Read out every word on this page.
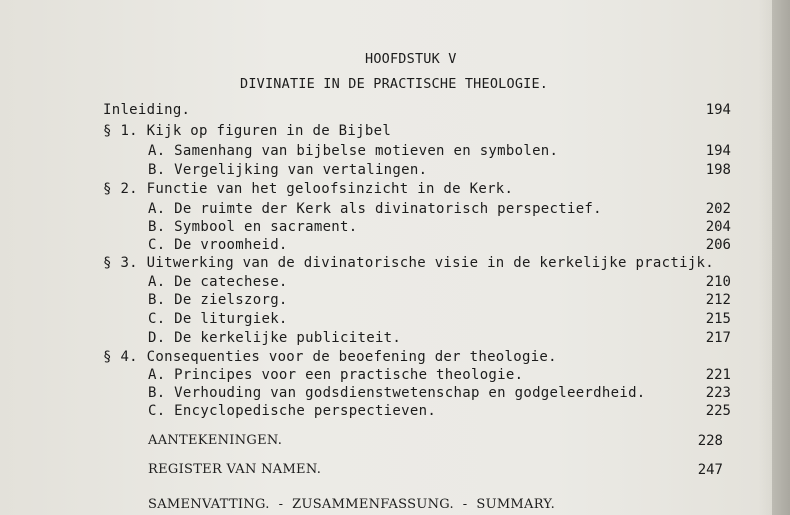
HOOFDSTUK V
DIVINATIE IN DE PRACTISCHE THEOLOGIE.
Inleiding.	194
§ 1. Kijk op figuren in de Bijbel
A. Samenhang van bijbelse motieven en symbolen.	194
B. Vergelijking van vertalingen.	198
§ 2. Functie van het geloofsinzicht in de Kerk.
A. De ruimte der Kerk als divinatorisch perspectief.	202
B. Symbool en sacrament.	204
C. De vroomheid.	206
§ 3. Uitwerking van de divinatorische visie in de kerkelijke practijk.
A. De catechese.	210
B. De zielszorg.	212
C. De liturgiek.	215
D. De kerkelijke publiciteit.	217
§ 4. Consequenties voor de beoefening der theologie.
A. Principes voor een practische theologie.	221
B. Verhouding van godsdienstwetenschap en godgeleerdheid.	223
C. Encyclopedische perspectieven.	225
AANTEKENINGEN.	228
REGISTER VAN NAMEN.	247
SAMENVATTING.  -  ZUSAMMENFASSUNG.  -  SUMMARY.
